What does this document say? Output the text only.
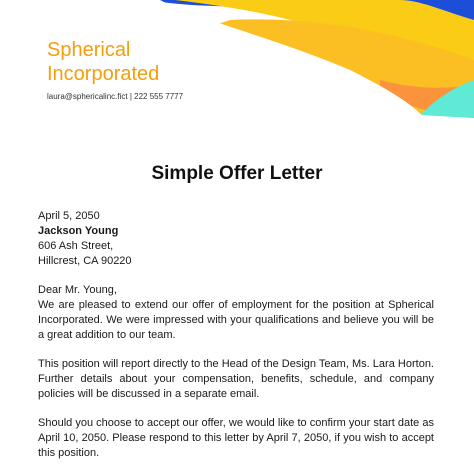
Spherical
Incorporated
laura@sphericalinc.fict | 222 555 7777
Simple Offer Letter

April 5, 2050

Jackson Young

606 Ash Street,

Hillcrest, CA 90220

Dear Mr. Young,

We are pleased to extend our offer of employment for the position at Spherical Incorporated. We were impressed with your qualifications and believe you will be a great addition to our team.

This position will report directly to the Head of the Design Team, Ms. Lara Horton. Further details about your compensation, benefits, schedule, and company policies will be discussed in a separate email.

Should you choose to accept our offer, we would like to confirm your start date as April 10, 2050. Please respond to this letter by April 7, 2050, if you wish to accept this position.
